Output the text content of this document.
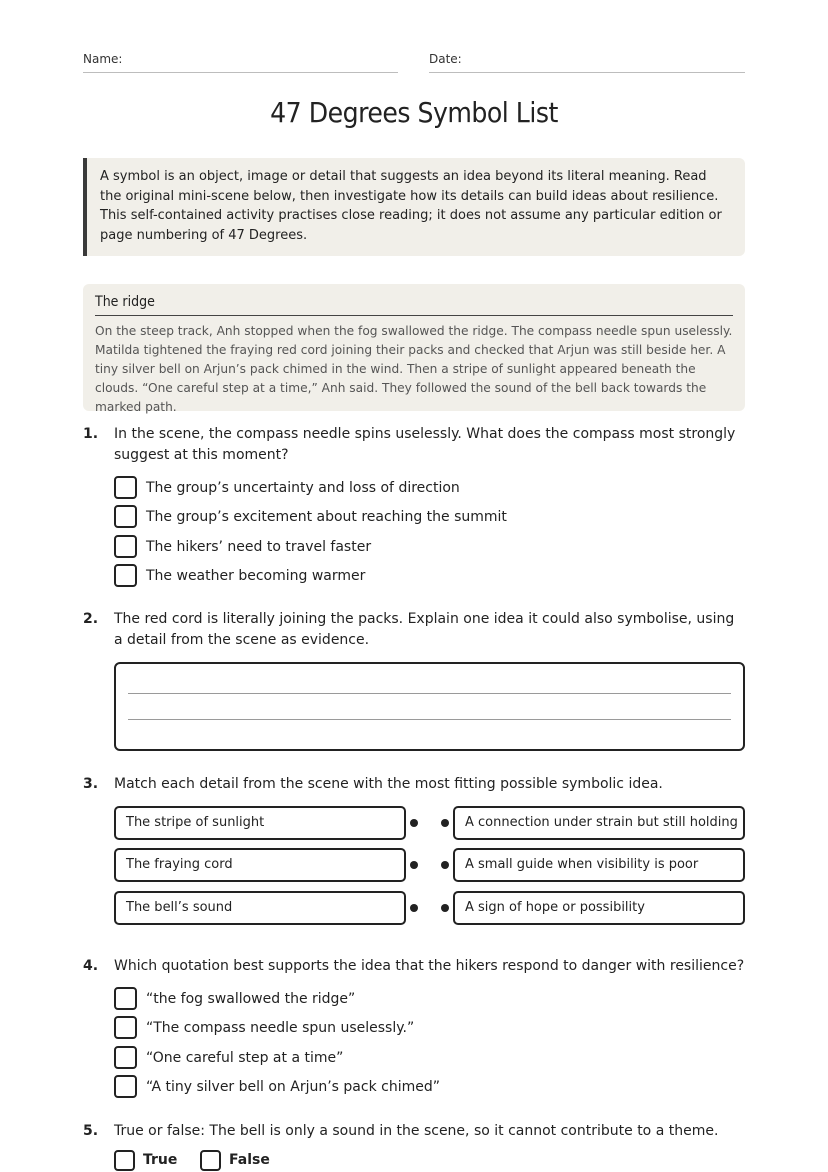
Name:	Date:
47 Degrees Symbol List
A symbol is an object, image or detail that suggests an idea beyond its literal meaning. Read the original mini-scene below, then investigate how its details can build ideas about resilience. This self-contained activity practises close reading; it does not assume any particular edition or page numbering of 47 Degrees.
The ridge
On the steep track, Anh stopped when the fog swallowed the ridge. The compass needle spun uselessly. Matilda tightened the fraying red cord joining their packs and checked that Arjun was still beside her. A tiny silver bell on Arjun’s pack chimed in the wind. Then a stripe of sunlight appeared beneath the clouds. “One careful step at a time,” Anh said. They followed the sound of the bell back towards the marked path.
1. In the scene, the compass needle spins uselessly. What does the compass most strongly suggest at this moment?
The group’s uncertainty and loss of direction
The group’s excitement about reaching the summit
The hikers’ need to travel faster
The weather becoming warmer
2. The red cord is literally joining the packs. Explain one idea it could also symbolise, using a detail from the scene as evidence.
3. Match each detail from the scene with the most fitting possible symbolic idea.
The stripe of sunlight	A connection under strain but still holding
The fraying cord	A small guide when visibility is poor
The bell’s sound	A sign of hope or possibility
4. Which quotation best supports the idea that the hikers respond to danger with resilience?
“the fog swallowed the ridge”
“The compass needle spun uselessly.”
“One careful step at a time”
“A tiny silver bell on Arjun’s pack chimed”
5. True or false: The bell is only a sound in the scene, so it cannot contribute to a theme.
True	False
